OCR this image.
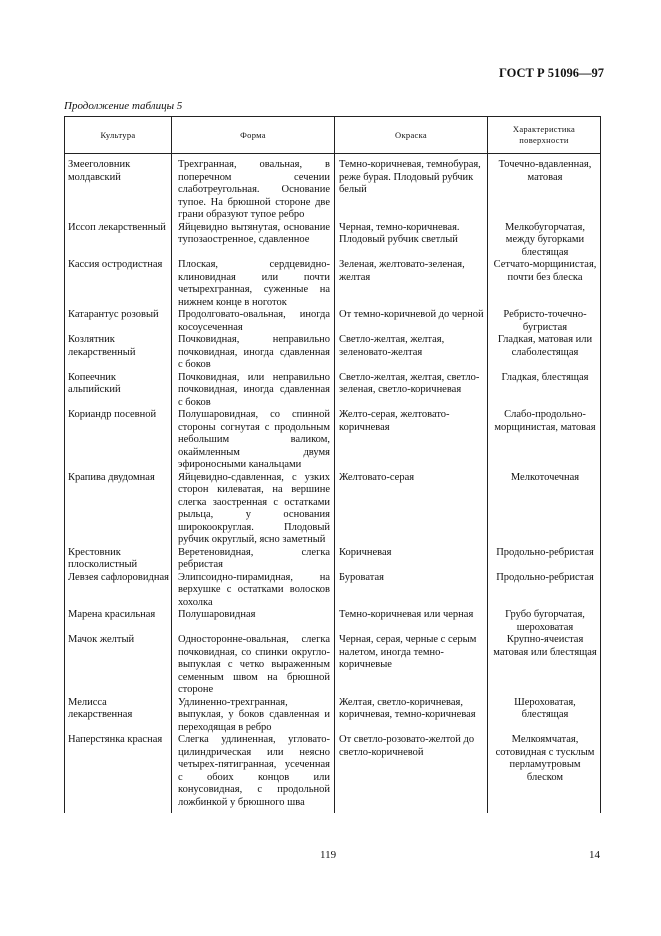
ГОСТ Р 51096—97
Продолжение таблицы 5
Культура	Форма	Окраска	Характеристика поверхности
Змееголовник молдавский	Трехгранная, овальная, в поперечном сечении слаботреугольная. Основание тупое. На брюшной стороне две грани образуют тупое ребро	Темно-коричневая, темнобурая, реже бурая. Плодовый рубчик белый	Точечно-вдавленная, матовая
Иссоп лекарственный	Яйцевидно вытянутая, основание тупозаостренное, сдавленное	Черная, темно-коричневая. Плодовый рубчик светлый	Мелкобугорчатая, между бугорками блестящая
Кассия остродистная	Плоская, сердцевидно-клиновидная или почти четырехгранная, суженные на нижнем конце в ноготок	Зеленая, желтовато-зеленая, желтая	Сетчато-морщинистая, почти без блеска
Катарантус розовый	Продолговато-овальная, иногда косоусеченная	От темно-коричневой до черной	Ребристо-точечно-бугристая
Козлятник лекарственный	Почковидная, неправильно почковидная, иногда сдавленная с боков	Светло-желтая, желтая, зеленовато-желтая	Гладкая, матовая или слаболестящая
Копеечник альпийский	Почковидная, или неправильно почковидная, иногда сдавленная с боков	Светло-желтая, желтая, светло-зеленая, светло-коричневая	Гладкая, блестящая
Кориандр посевной	Полушаровидная, со спинной стороны согнутая с продольным небольшим валиком, окаймленным двумя эфироносными канальцами	Желто-серая, желтовато-коричневая	Слабо-продольно-морщинистая, матовая
Крапива двудомная	Яйцевидно-сдавленная, с узких сторон килеватая, на вершине слегка заостренная с остатками рыльца, у основания широкоокруглая. Плодовый рубчик округлый, ясно заметный	Желтовато-серая	Мелкоточечная
Крестовник плосколистный	Веретеновидная, слегка ребристая	Коричневая	Продольно-ребристая
Левзея сафлоровидная	Элипсоидно-пирамидная, на верхушке с остатками волосков хохолка	Буроватая	Продольно-ребристая
Марена красильная	Полушаровидная	Темно-коричневая или черная	Грубо бугорчатая, шероховатая
Мачок желтый	Односторонне-овальная, слегка почковидная, со спинки округло-выпуклая с четко выраженным семенным швом на брюшной стороне	Черная, серая, черные с серым налетом, иногда темно-коричневые	Крупно-ячеистая матовая или блестящая
Мелисса лекарственная	Удлиненно-трехгранная, выпуклая, у боков сдавленная и переходящая в ребро	Желтая, светло-коричневая, коричневая, темно-коричневая	Шероховатая, блестящая
Наперстянка красная	Слегка удлиненная, угловато-цилиндрическая или неясно четырех-пятигранная, усеченная с обоих концов или конусовидная, с продольной ложбинкой у брюшного шва	От светло-розовато-желтой до светло-коричневой	Мелкоямчатая, сотовидная с тусклым перламутровым блеском
119	14
